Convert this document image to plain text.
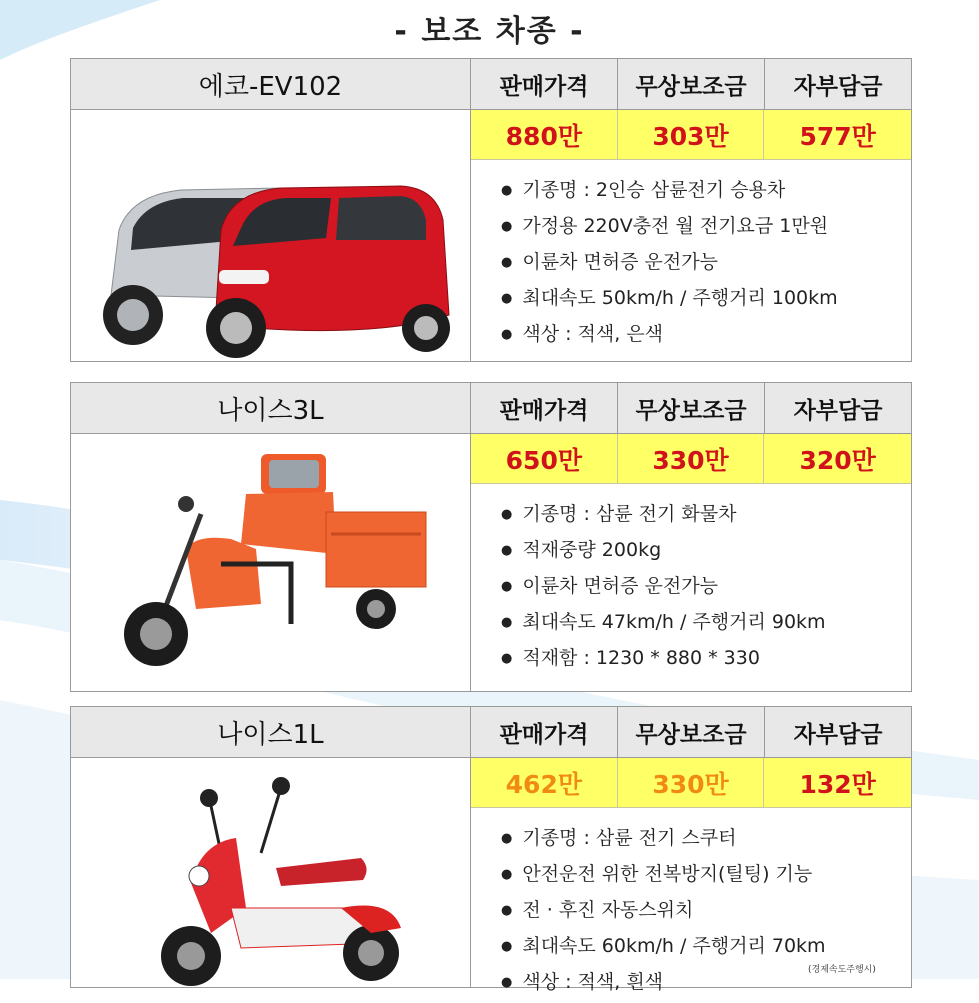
- 보조 차종 -
에코-EV102	판매가격	무상보조금	자부담금
880만	303만	577만
● 기종명 : 2인승 삼륜전기 승용차
● 가정용 220V충전 월 전기요금 1만원
● 이륜차 면허증 운전가능
● 최대속도 50km/h / 주행거리 100km
● 색상 : 적색, 은색
나이스3L	판매가격	무상보조금	자부담금
650만	330만	320만
● 기종명 : 삼륜 전기 화물차
● 적재중량 200kg
● 이륜차 면허증 운전가능
● 최대속도 47km/h / 주행거리 90km
● 적재함 : 1230 * 880 * 330
나이스1L	판매가격	무상보조금	자부담금
462만	330만	132만
● 기종명 : 삼륜 전기 스쿠터
● 안전운전 위한 전복방지(틸팅) 기능
● 전 · 후진 자동스위치
● 최대속도 60km/h / 주행거리 70km
● 색상 : 적색, 흰색
(경제속도주행시)
